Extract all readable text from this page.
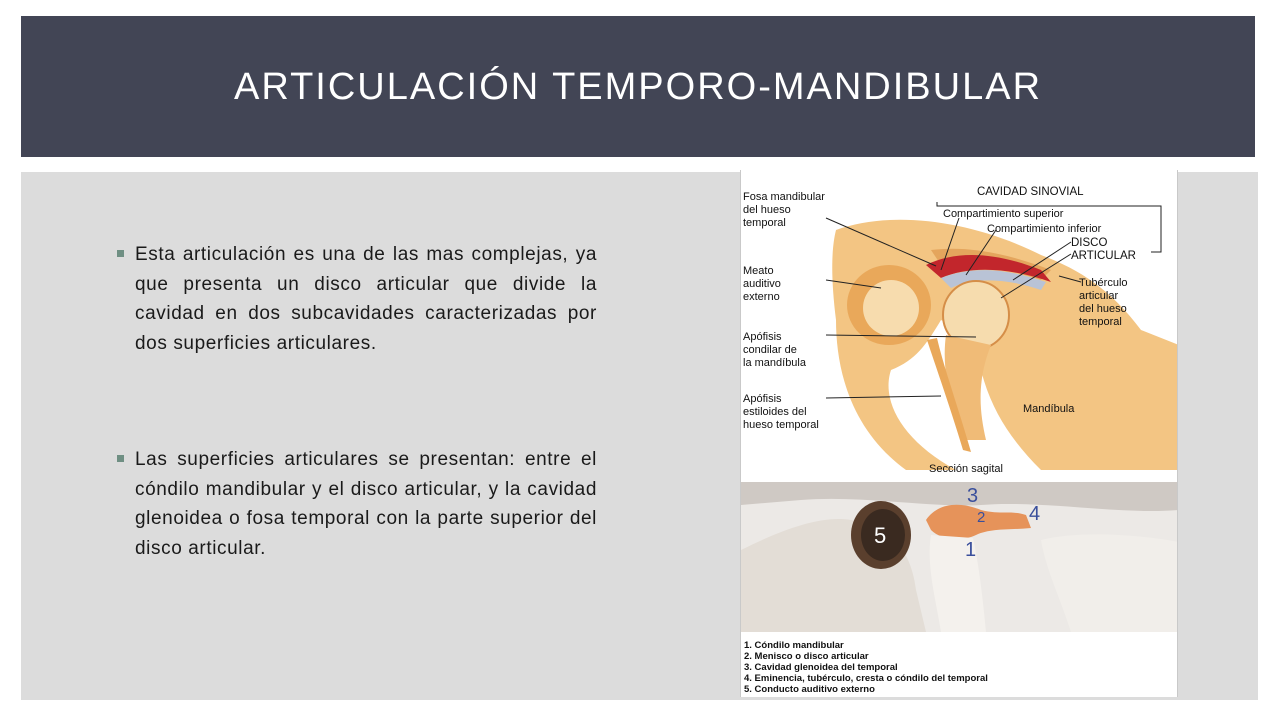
ARTICULACIÓN TEMPORO-MANDIBULAR
Esta articulación es una de las mas complejas, ya que presenta un disco articular que divide la cavidad en dos subcavidades caracterizadas por dos superficies articulares.
Las superficies articulares se presentan: entre el cóndilo mandibular y el disco articular, y la cavidad glenoidea o fosa temporal con la parte superior del disco articular.
Fosa mandibular
del hueso
temporal
CAVIDAD SINOVIAL
Compartimiento superior
Compartimiento inferior
DISCO
ARTICULAR
Meato
auditivo
externo
Tubérculo
articular
del hueso
temporal
Apófisis
condilar de
la mandíbula
Apófisis
estiloides del
hueso temporal
Mandíbula
Sección sagital
5
3
2 4
1
1. Cóndilo mandibular
2. Menisco o disco articular
3. Cavidad glenoidea del temporal
4. Eminencia, tubérculo, cresta o cóndilo del temporal
5. Conducto auditivo externo
